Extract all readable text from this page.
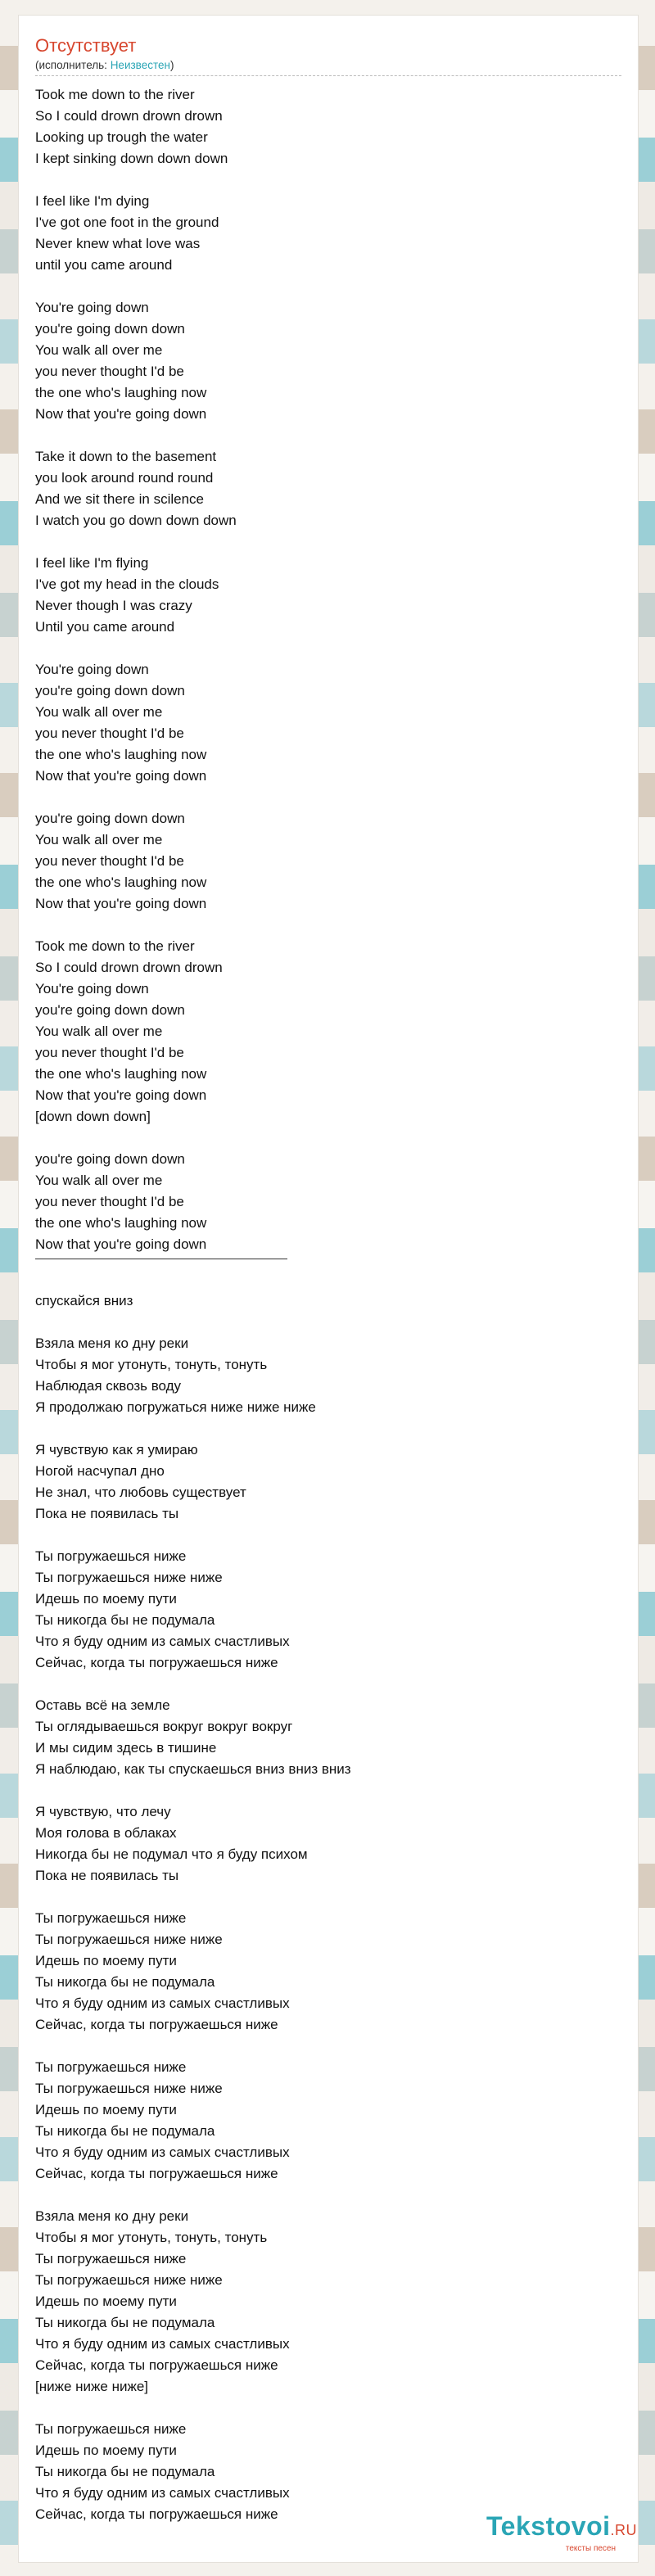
Отсутствует
(исполнитель: Неизвестен)
Took me down to the river
So I could drown drown drown
Looking up trough the water
I kept sinking down down down
I feel like I'm dying
I've got one foot in the ground
Never knew what love was
until you came around
You're going down
you're going down down
You walk all over me
you never thought I'd be
the one who's laughing now
Now that you're going down
Take it down to the basement
you look around round round
And we sit there in scilence
I watch you go down down down
I feel like I'm flying
I've got my head in the clouds
Never though I was crazy
Until you came around
You're going down
you're going down down
You walk all over me
you never thought I'd be
the one who's laughing now
Now that you're going down
you're going down down
You walk all over me
you never thought I'd be
the one who's laughing now
Now that you're going down
Took me down to the river
So I could drown drown drown
You're going down
you're going down down
You walk all over me
you never thought I'd be
the one who's laughing now
Now that you're going down
[down down down]
you're going down down
You walk all over me
you never thought I'd be
the one who's laughing now
Now that you're going down
спускайся вниз
Взяла меня ко дну реки
Чтобы я мог утонуть, тонуть, тонуть
Наблюдая сквозь воду
Я продолжаю погружаться ниже ниже ниже
Я чувствую как я умираю
Ногой насчупал дно
Не знал, что любовь существует
Пока не появилась ты
Ты погружаешься ниже
Ты погружаешься ниже ниже
Идешь по моему пути
Ты никогда бы не подумала
Что я буду одним из самых счастливых
Сейчас, когда ты погружаешься ниже
Оставь всё на земле
Ты оглядываешься вокруг вокруг вокруг
И мы сидим здесь в тишине
Я наблюдаю, как ты спускаешься вниз вниз вниз
Я чувствую, что лечу
Моя голова в облаках
Никогда бы не подумал что я буду психом
Пока не появилась ты
Ты погружаешься ниже
Ты погружаешься ниже ниже
Идешь по моему пути
Ты никогда бы не подумала
Что я буду одним из самых счастливых
Сейчас, когда ты погружаешься ниже
Ты погружаешься ниже
Ты погружаешься ниже ниже
Идешь по моему пути
Ты никогда бы не подумала
Что я буду одним из самых счастливых
Сейчас, когда ты погружаешься ниже
Взяла меня ко дну реки
Чтобы я мог утонуть, тонуть, тонуть
Ты погружаешься ниже
Ты погружаешься ниже ниже
Идешь по моему пути
Ты никогда бы не подумала
Что я буду одним из самых счастливых
Сейчас, когда ты погружаешься ниже
[ниже ниже ниже]
Ты погружаешься ниже
Идешь по моему пути
Ты никогда бы не подумала
Что я буду одним из самых счастливых
Сейчас, когда ты погружаешься ниже	Tekstovoi.RU
тексты песен
